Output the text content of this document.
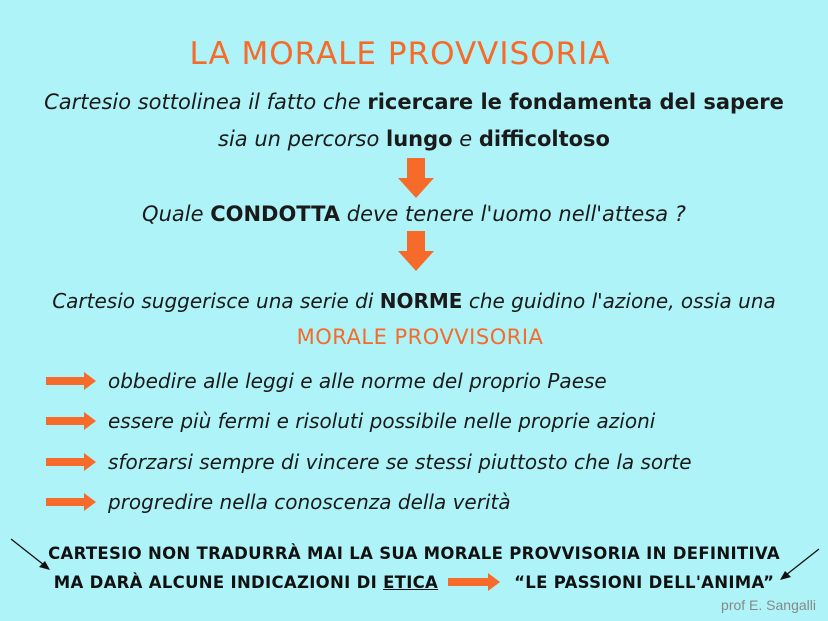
LA MORALE PROVVISORIA
Cartesio sottolinea il fatto che ricercare le fondamenta del sapere
sia un percorso lungo e difficoltoso
Quale CONDOTTA deve tenere l'uomo nell'attesa ?
Cartesio suggerisce una serie di NORME che guidino l'azione, ossia una
MORALE PROVVISORIA
obbedire alle leggi e alle norme del proprio Paese
essere più fermi e risoluti possibile nelle proprie azioni
sforzarsi sempre di vincere se stessi piuttosto che la sorte
progredire nella conoscenza della verità
CARTESIO NON TRADURRÀ MAI LA SUA MORALE PROVVISORIA IN DEFINITIVA
MA DARÀ ALCUNE INDICAZIONI DI ETICA	“LE PASSIONI DELL'ANIMA”
prof E. Sangalli
